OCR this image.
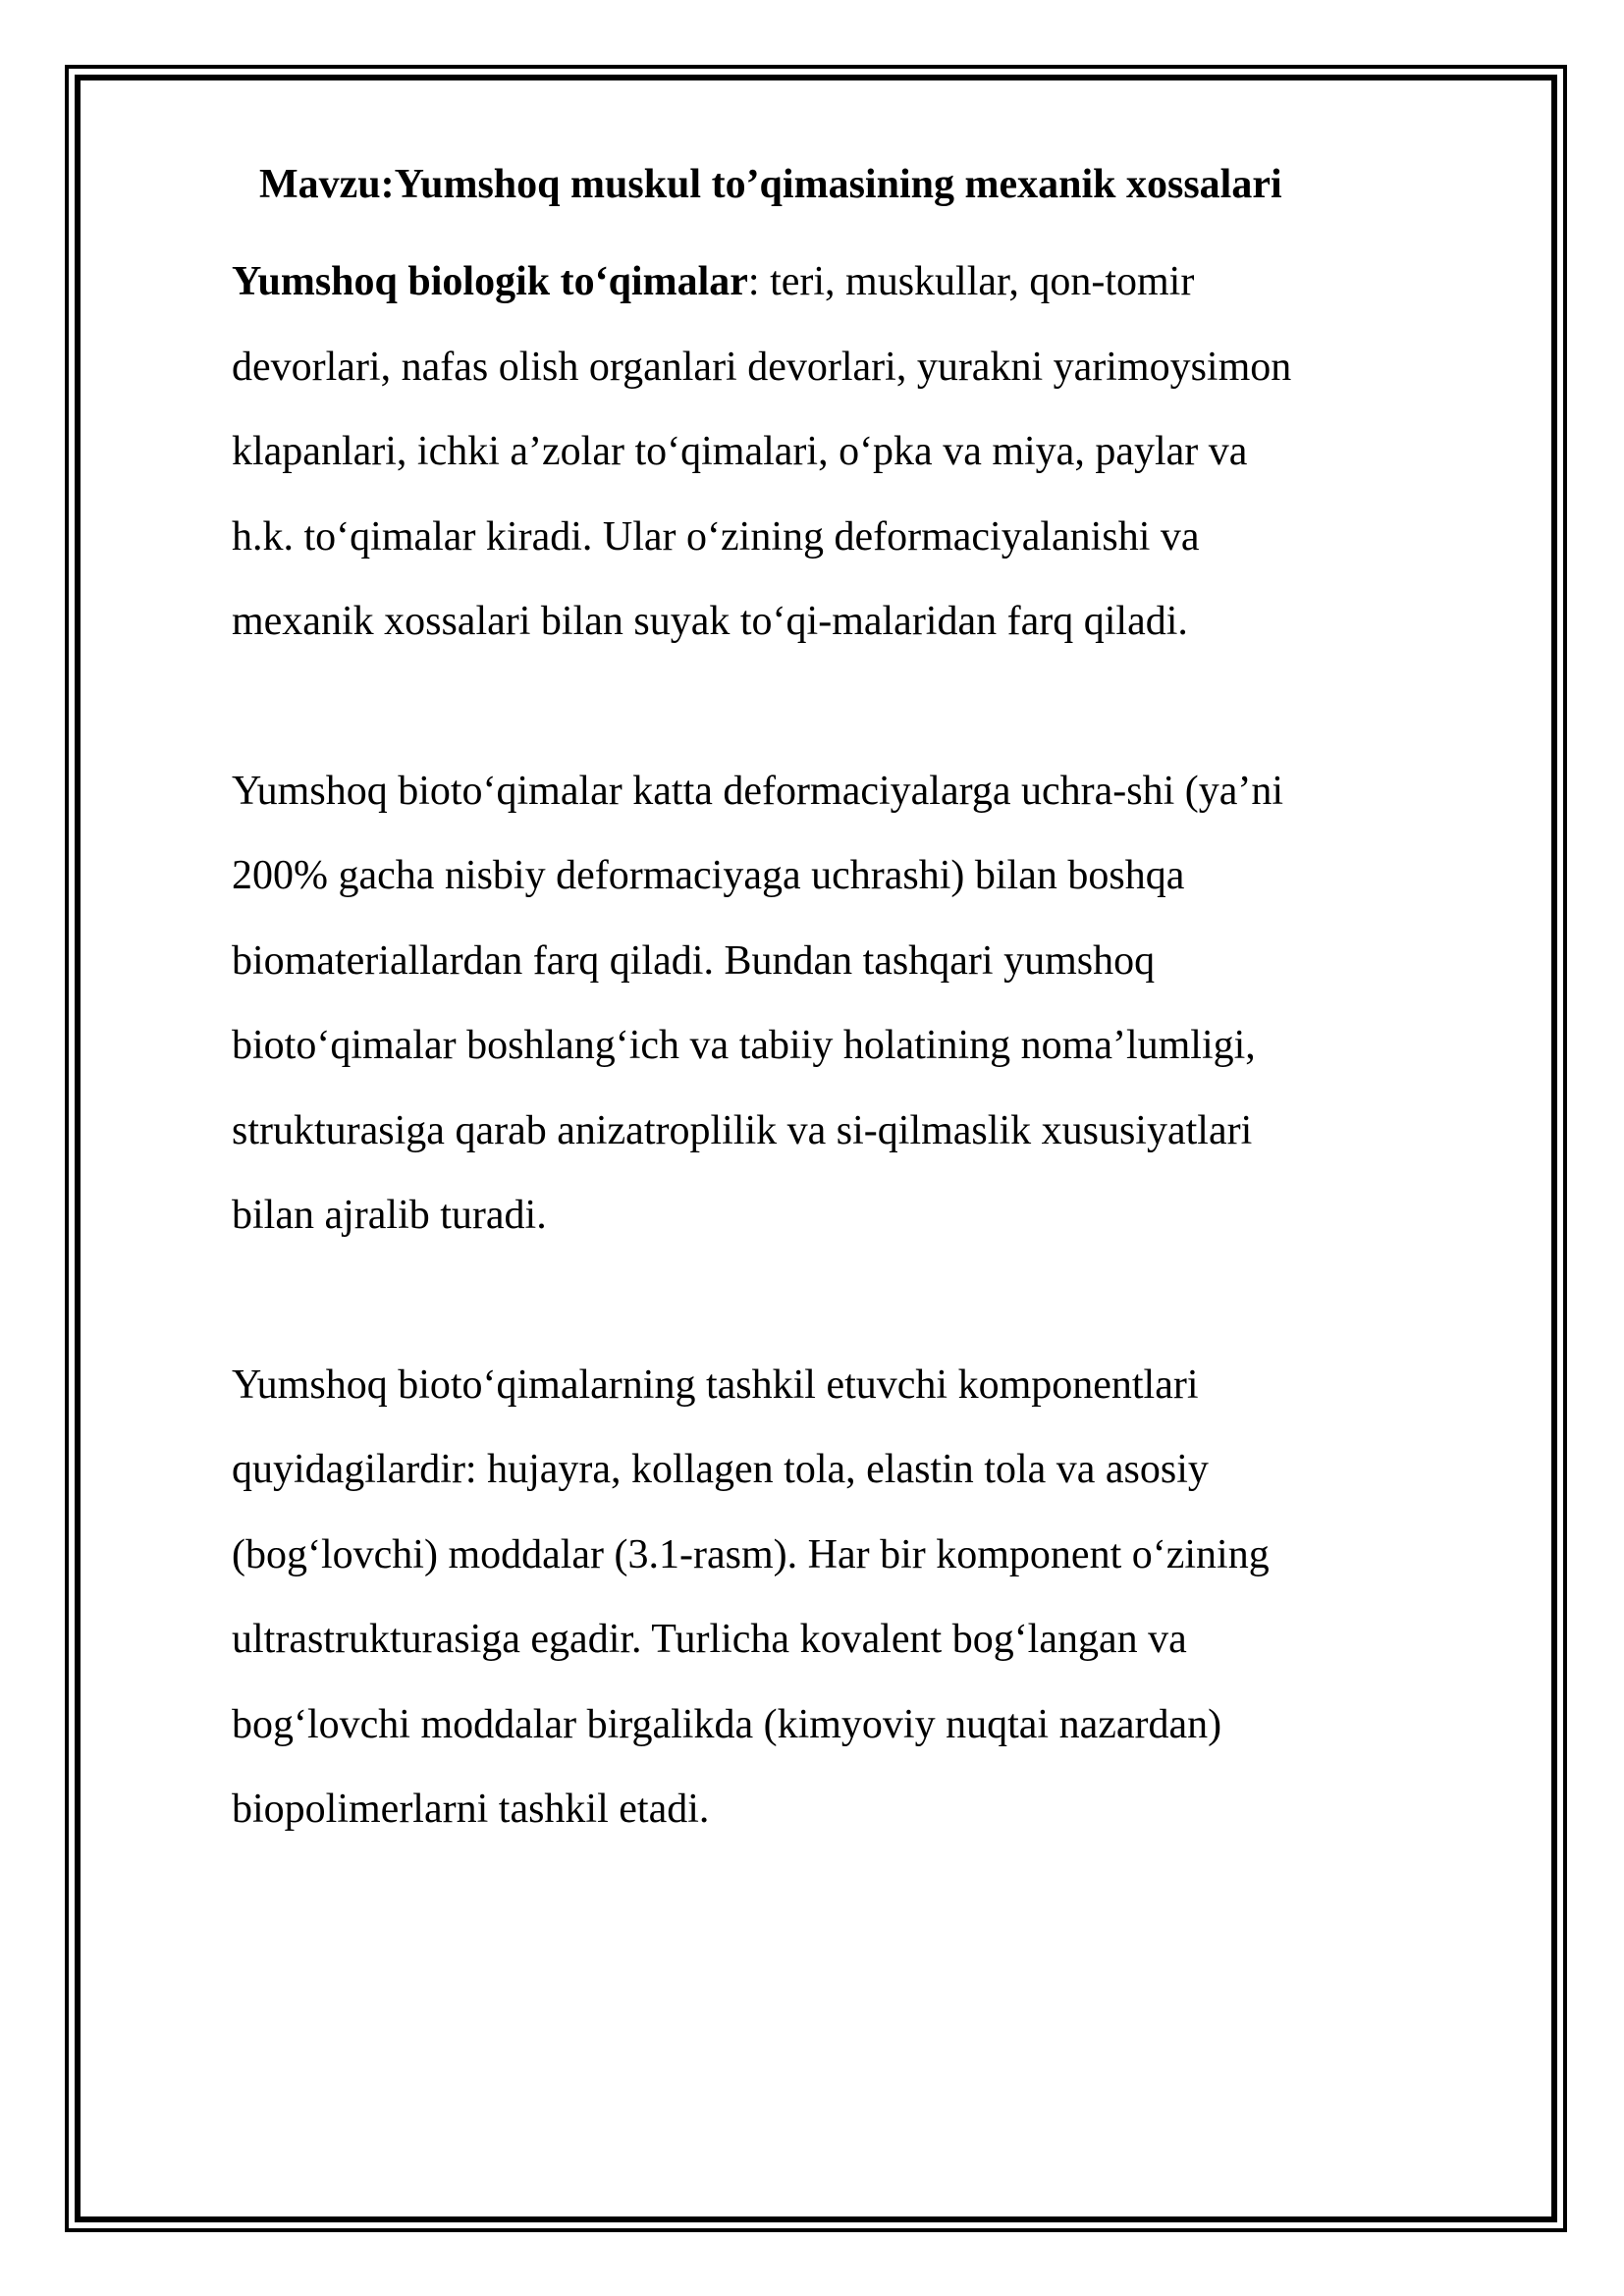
Mavzu:Yumshoq muskul to’qimasining mexanik xossalari
Yumshoq biologik to‘qimalar: teri, muskullar, qon-tomir
devorlari, nafas olish organlari devorlari, yurakni yarimoysimon
klapanlari, ichki a’zolar to‘qimalari, o‘pka va miya, paylar va
h.k. to‘qimalar kiradi. Ular o‘zining deformaciyalanishi va
mexanik xossalari bilan suyak to‘qi-malaridan farq qiladi.
Yumshoq bioto‘qimalar katta deformaciyalarga uchra-shi (ya’ni
200% gacha nisbiy deformaciyaga uchrashi) bilan boshqa
biomateriallardan farq qiladi. Bundan tashqari yumshoq
bioto‘qimalar boshlang‘ich va tabiiy holatining noma’lumligi,
strukturasiga qarab anizatroplilik va si-qilmaslik xususiyatlari
bilan ajralib turadi.
Yumshoq bioto‘qimalarning tashkil etuvchi komponentlari
quyidagilardir: hujayra, kollagen tola, elastin tola va asosiy
(bog‘lovchi) moddalar (3.1-rasm). Har bir komponent o‘zining
ultrastrukturasiga egadir. Turlicha kovalent bog‘langan va
bog‘lovchi moddalar birgalikda (kimyoviy nuqtai nazardan)
biopolimerlarni tashkil etadi.
